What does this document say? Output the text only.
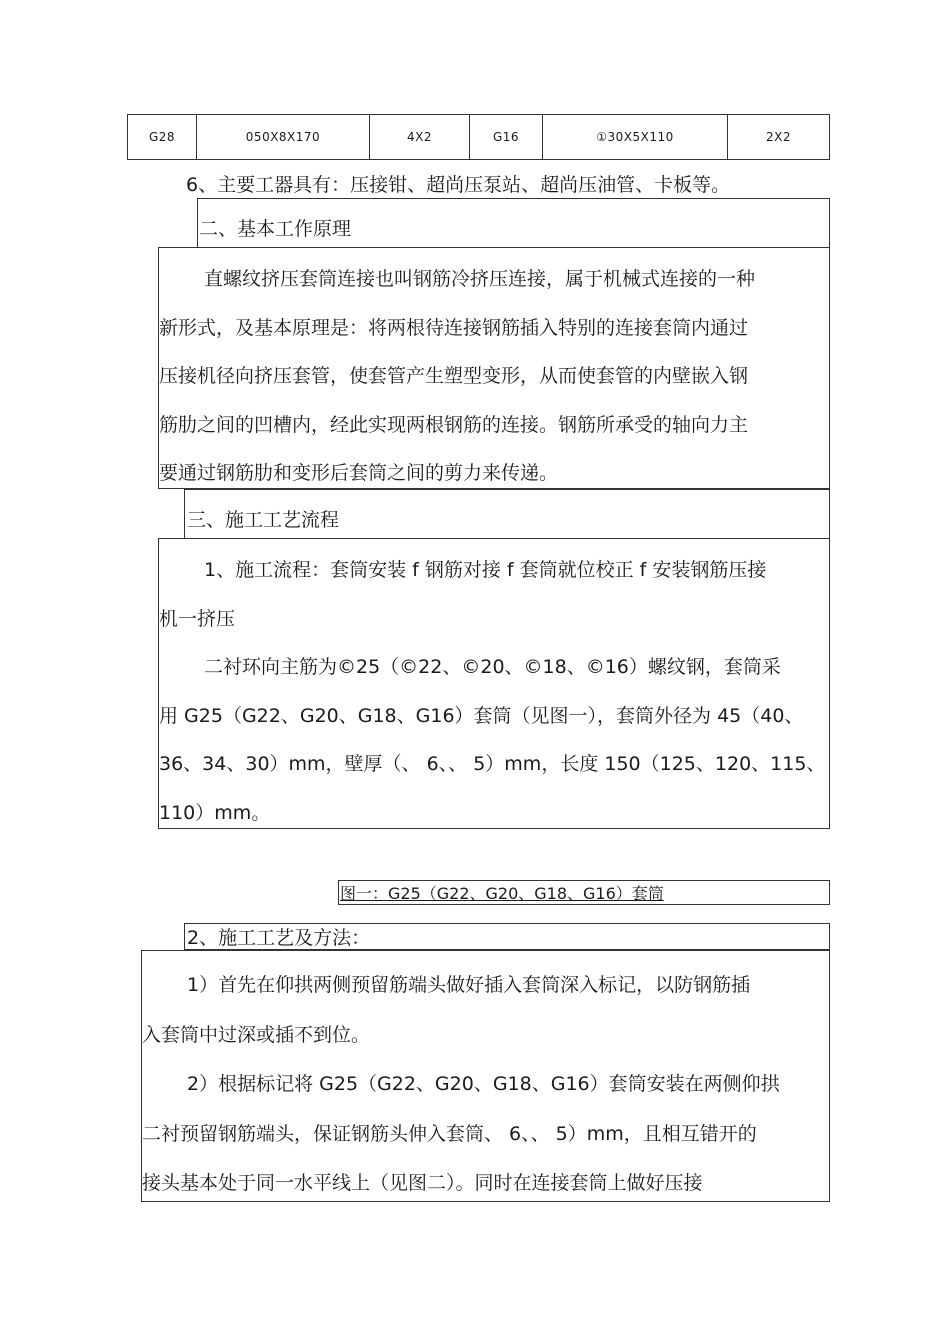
G28	050X8X170	4X2	G16	①30X5X110	2X2
6、主要工器具有：压接钳、超尚压泵站、超尚压油管、卡板等。
二、基本工作原理
直螺纹挤压套筒连接也叫钢筋冷挤压连接，属于机械式连接的一种
新形式，及基本原理是：将两根待连接钢筋插入特别的连接套筒内通过
压接机径向挤压套管，使套管产生塑型变形，从而使套管的内壁嵌入钢
筋肋之间的凹槽内，经此实现两根钢筋的连接。钢筋所承受的轴向力主
要通过钢筋肋和变形后套筒之间的剪力来传递。
三、施工工艺流程
1、施工流程：套筒安装 f 钢筋对接 f 套筒就位校正 f 安装钢筋压接
机一挤压
二衬环向主筋为©25（©22、©20、©18、©16）螺纹钢，套筒采
用 G25（G22、G20、G18、G16）套筒（见图一），套筒外径为 45（40、
36、34、30）mm，壁厚（、 6、、 5）mm，长度 150（125、120、115、
110）mm。
图一：G25（G22、G20、G18、G16）套筒
2、施工工艺及方法：
1）首先在仰拱两侧预留筋端头做好插入套筒深入标记，以防钢筋插
入套筒中过深或插不到位。
2）根据标记将 G25（G22、G20、G18、G16）套筒安装在两侧仰拱
二衬预留钢筋端头，保证钢筋头伸入套筒、 6、、 5）mm，且相互错开的
接头基本处于同一水平线上（见图二）。同时在连接套筒上做好压接
